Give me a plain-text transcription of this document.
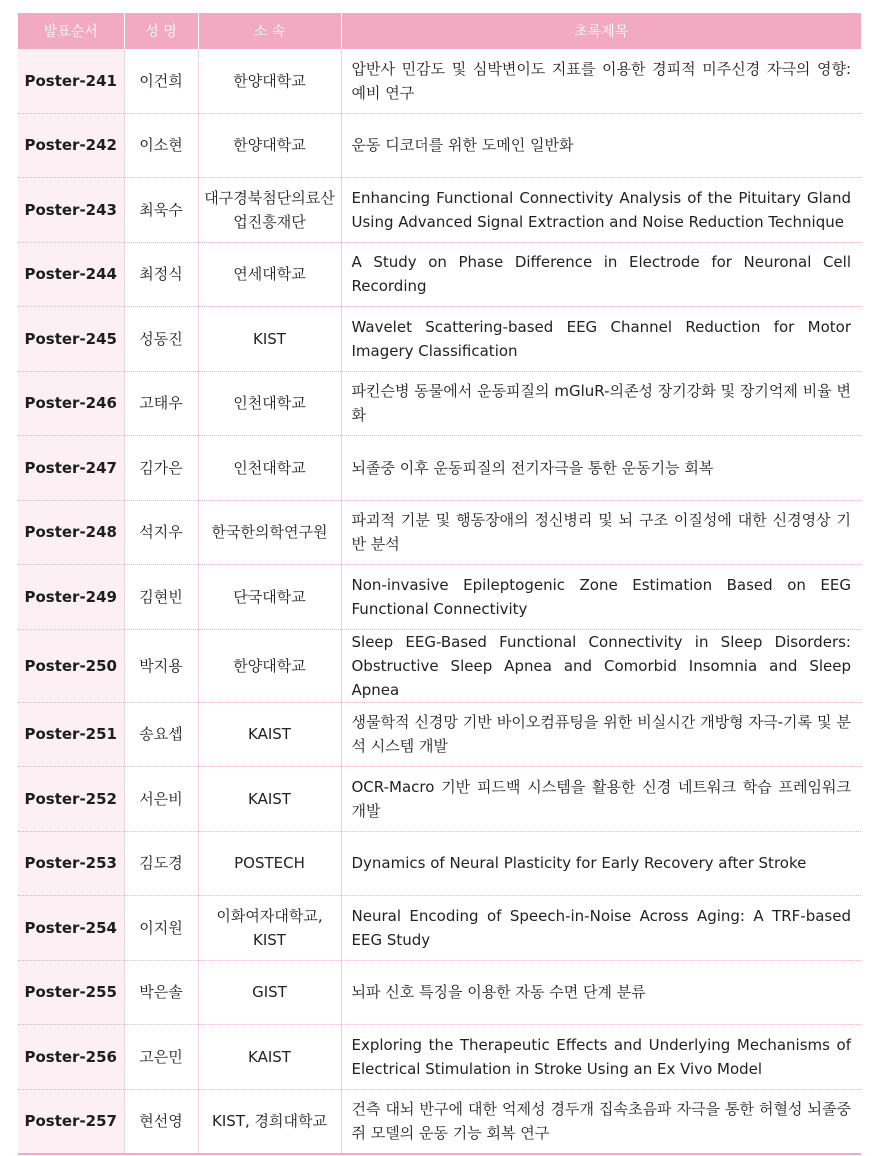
발표순서	성 명	소 속	초록제목
Poster-241	이건희	한양대학교	압반사 민감도 및 심박변이도 지표를 이용한 경피적 미주신경 자극의 영향: 예비 연구
Poster-242	이소현	한양대학교	운동 디코더를 위한 도메인 일반화
Poster-243	최욱수	대구경북첨단의료산업진흥재단	Enhancing Functional Connectivity Analysis of the Pituitary Gland Using Advanced Signal Extraction and Noise Reduction Technique
Poster-244	최정식	연세대학교	A Study on Phase Difference in Electrode for Neuronal Cell Recording
Poster-245	성동진	KIST	Wavelet Scattering-based EEG Channel Reduction for Motor Imagery Classification
Poster-246	고태우	인천대학교	파킨슨병 동물에서 운동피질의 mGluR-의존성 장기강화 및 장기억제 비율 변화
Poster-247	김가은	인천대학교	뇌졸중 이후 운동피질의 전기자극을 통한 운동기능 회복
Poster-248	석지우	한국한의학연구원	파괴적 기분 및 행동장애의 정신병리 및 뇌 구조 이질성에 대한 신경영상 기반 분석
Poster-249	김현빈	단국대학교	Non-invasive Epileptogenic Zone Estimation Based on EEG Functional Connectivity
Poster-250	박지용	한양대학교	Sleep EEG-Based Functional Connectivity in Sleep Disorders: Obstructive Sleep Apnea and Comorbid Insomnia and Sleep Apnea
Poster-251	송요셉	KAIST	생물학적 신경망 기반 바이오컴퓨팅을 위한 비실시간 개방형 자극-기록 및 분석 시스템 개발
Poster-252	서은비	KAIST	OCR-Macro 기반 피드백 시스템을 활용한 신경 네트워크 학습 프레임워크 개발
Poster-253	김도경	POSTECH	Dynamics of Neural Plasticity for Early Recovery after Stroke
Poster-254	이지원	이화여자대학교, KIST	Neural Encoding of Speech-in-Noise Across Aging: A TRF-based EEG Study
Poster-255	박은솔	GIST	뇌파 신호 특징을 이용한 자동 수면 단계 분류
Poster-256	고은민	KAIST	Exploring the Therapeutic Effects and Underlying Mechanisms of Electrical Stimulation in Stroke Using an Ex Vivo Model
Poster-257	현선영	KIST, 경희대학교	건측 대뇌 반구에 대한 억제성 경두개 집속초음파 자극을 통한 허혈성 뇌졸중 쥐 모델의 운동 기능 회복 연구
